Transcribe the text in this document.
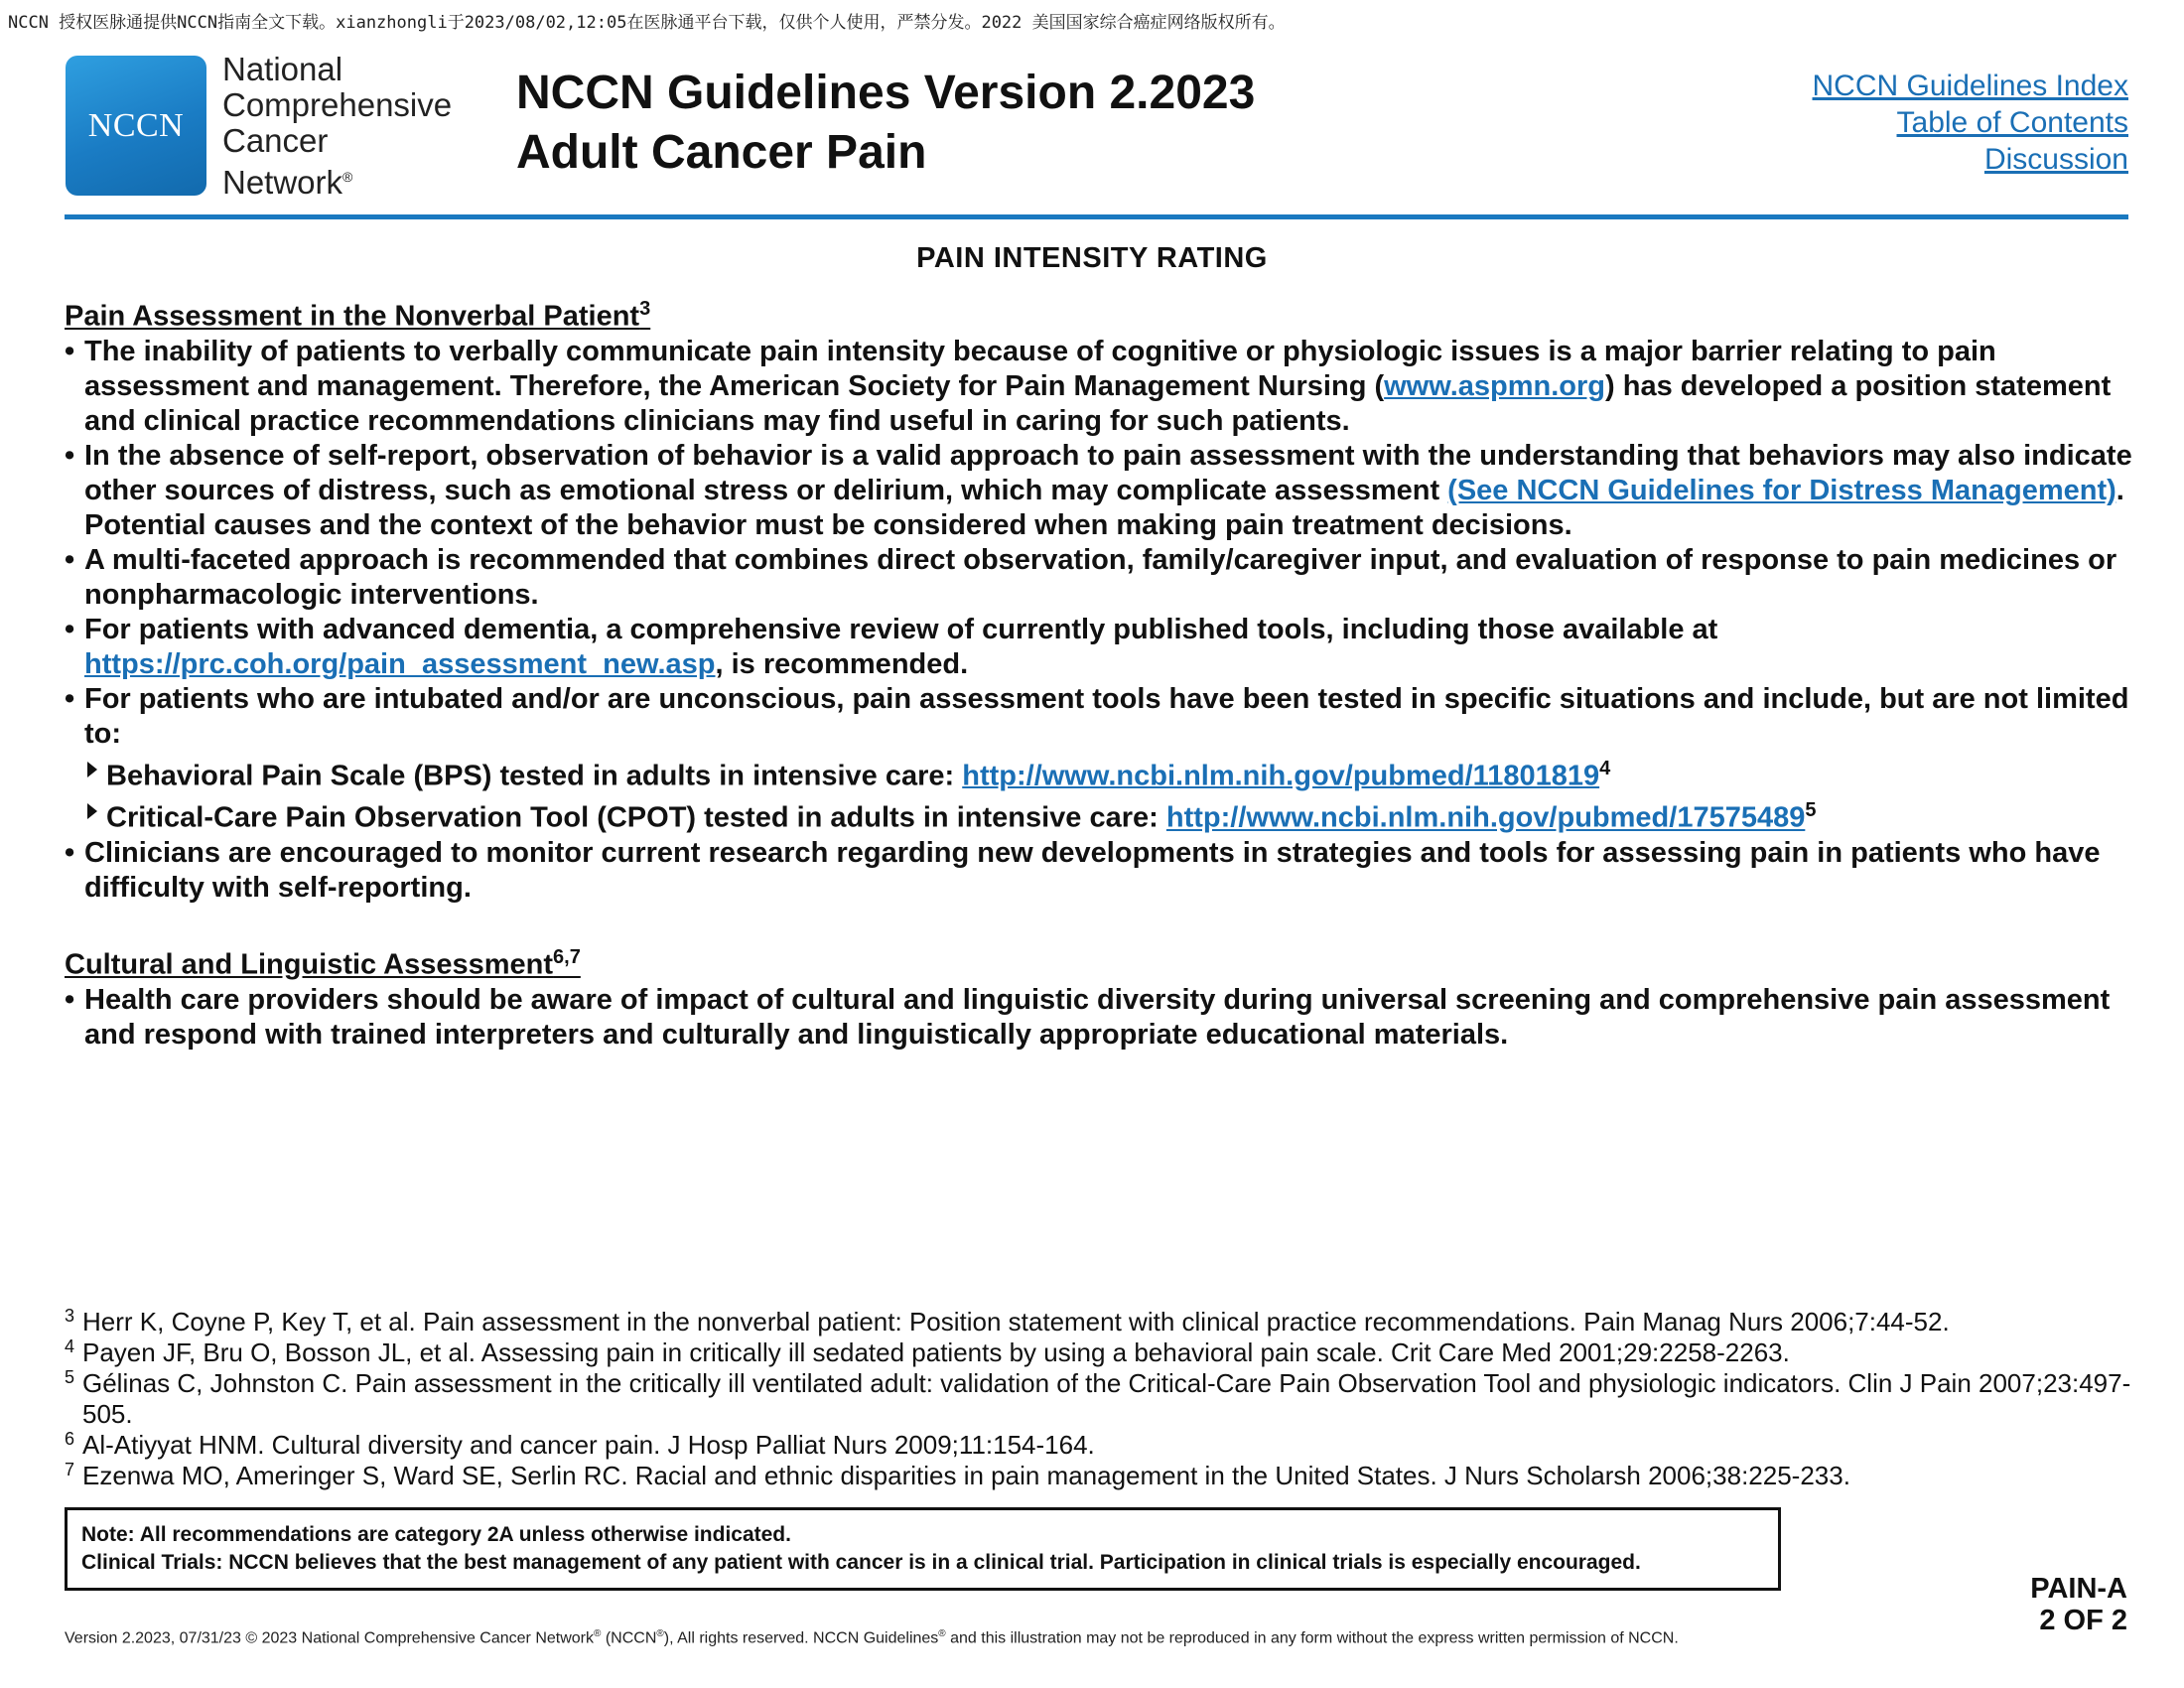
NCCN 授权医脉通提供NCCN指南全文下载。xianzhongli于2023/08/02,12:05在医脉通平台下载，仅供个人使用，严禁分发。2022 美国国家综合癌症网络版权所有。
NCCN
National
Comprehensive
Cancer
Network®
NCCN Guidelines Version 2.2023
Adult Cancer Pain
NCCN Guidelines Index
Table of Contents
Discussion
PAIN INTENSITY RATING
Pain Assessment in the Nonverbal Patient$^3$
• The inability of patients to verbally communicate pain intensity because of cognitive or physiologic issues is a major barrier relating to pain assessment and management. Therefore, the American Society for Pain Management Nursing (www.aspmn.org) has developed a position statement and clinical practice recommendations clinicians may find useful in caring for such patients.
• In the absence of self-report, observation of behavior is a valid approach to pain assessment with the understanding that behaviors may also indicate other sources of distress, such as emotional stress or delirium, which may complicate assessment (See NCCN Guidelines for Distress Management). Potential causes and the context of the behavior must be considered when making pain treatment decisions.
• A multi-faceted approach is recommended that combines direct observation, family/caregiver input, and evaluation of response to pain medicines or nonpharmacologic interventions.
• For patients with advanced dementia, a comprehensive review of currently published tools, including those available at https://prc.coh.org/pain_assessment_new.asp, is recommended.
• For patients who are intubated and/or are unconscious, pain assessment tools have been tested in specific situations and include, but are not limited to:
Behavioral Pain Scale (BPS) tested in adults in intensive care: http://www.ncbi.nlm.nih.gov/pubmed/11801819$^4$
Critical-Care Pain Observation Tool (CPOT) tested in adults in intensive care: http://www.ncbi.nlm.nih.gov/pubmed/17575489$^5$
• Clinicians are encouraged to monitor current research regarding new developments in strategies and tools for assessing pain in patients who have difficulty with self-reporting.
Cultural and Linguistic Assessment$^{6,7}$
• Health care providers should be aware of impact of cultural and linguistic diversity during universal screening and comprehensive pain assessment and respond with trained interpreters and culturally and linguistically appropriate educational materials.
3 Herr K, Coyne P, Key T, et al. Pain assessment in the nonverbal patient: Position statement with clinical practice recommendations. Pain Manag Nurs 2006;7:44-52.
4 Payen JF, Bru O, Bosson JL, et al. Assessing pain in critically ill sedated patients by using a behavioral pain scale. Crit Care Med 2001;29:2258-2263.
5 Gélinas C, Johnston C. Pain assessment in the critically ill ventilated adult: validation of the Critical-Care Pain Observation Tool and physiologic indicators. Clin J Pain 2007;23:497-505.
6 Al-Atiyyat HNM. Cultural diversity and cancer pain. J Hosp Palliat Nurs 2009;11:154-164.
7 Ezenwa MO, Ameringer S, Ward SE, Serlin RC. Racial and ethnic disparities in pain management in the United States. J Nurs Scholarsh 2006;38:225-233.
Note: All recommendations are category 2A unless otherwise indicated.
Clinical Trials: NCCN believes that the best management of any patient with cancer is in a clinical trial. Participation in clinical trials is especially encouraged.
PAIN-A
2 OF 2
Version 2.2023, 07/31/23 © 2023 National Comprehensive Cancer Network® (NCCN®), All rights reserved. NCCN Guidelines® and this illustration may not be reproduced in any form without the express written permission of NCCN.
